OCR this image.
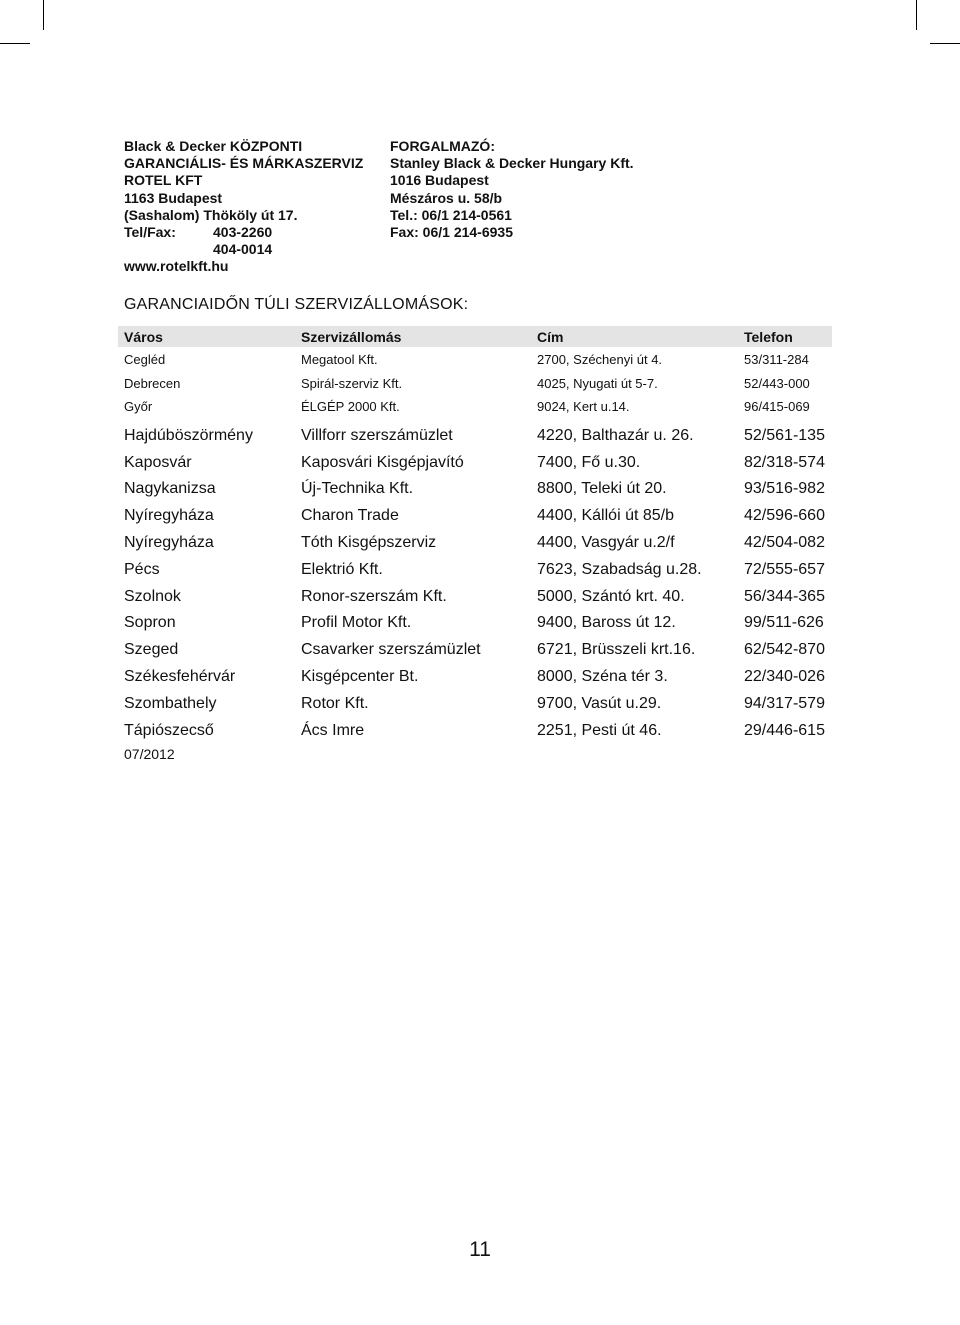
Black & Decker KÖZPONTI
GARANCIÁLIS- ÉS MÁRKASZERVIZ
ROTEL KFT
1163 Budapest
(Sashalom) Thököly út 17.
Tel/Fax:	403-2260
404-0014
www.rotelkft.hu
FORGALMAZÓ:
Stanley Black & Decker Hungary Kft.
1016 Budapest
Mészáros u. 58/b
Tel.: 06/1 214-0561
Fax: 06/1 214-6935
GARANCIAIDŐN TÚLI SZERVIZÁLLOMÁSOK:
Város	Szervizállomás	Cím	Telefon
Cegléd	Megatool Kft.	2700, Széchenyi út 4.	53/311-284
Debrecen	Spirál-szerviz Kft.	4025, Nyugati út 5-7.	52/443-000
Győr	ÉLGÉP 2000 Kft.	9024, Kert u.14.	96/415-069
Hajdúböszörmény	Villforr szerszámüzlet	4220, Balthazár u. 26.	52/561-135
Kaposvár	Kaposvári Kisgépjavító	7400, Fő u.30.	82/318-574
Nagykanizsa	Új-Technika Kft.	8800, Teleki út 20.	93/516-982
Nyíregyháza	Charon Trade	4400, Kállói út 85/b	42/596-660
Nyíregyháza	Tóth Kisgépszerviz	4400, Vasgyár u.2/f	42/504-082
Pécs	Elektrió Kft.	7623, Szabadság u.28.	72/555-657
Szolnok	Ronor-szerszám Kft.	5000, Szántó krt. 40.	56/344-365
Sopron	Profil Motor Kft.	9400, Baross út 12.	99/511-626
Szeged	Csavarker szerszámüzlet	6721, Brüsszeli krt.16.	62/542-870
Székesfehérvár	Kisgépcenter Bt.	8000, Széna tér 3.	22/340-026
Szombathely	Rotor Kft.	9700, Vasút u.29.	94/317-579
Tápiószecső	Ács Imre	2251, Pesti út 46.	29/446-615
07/2012
11
